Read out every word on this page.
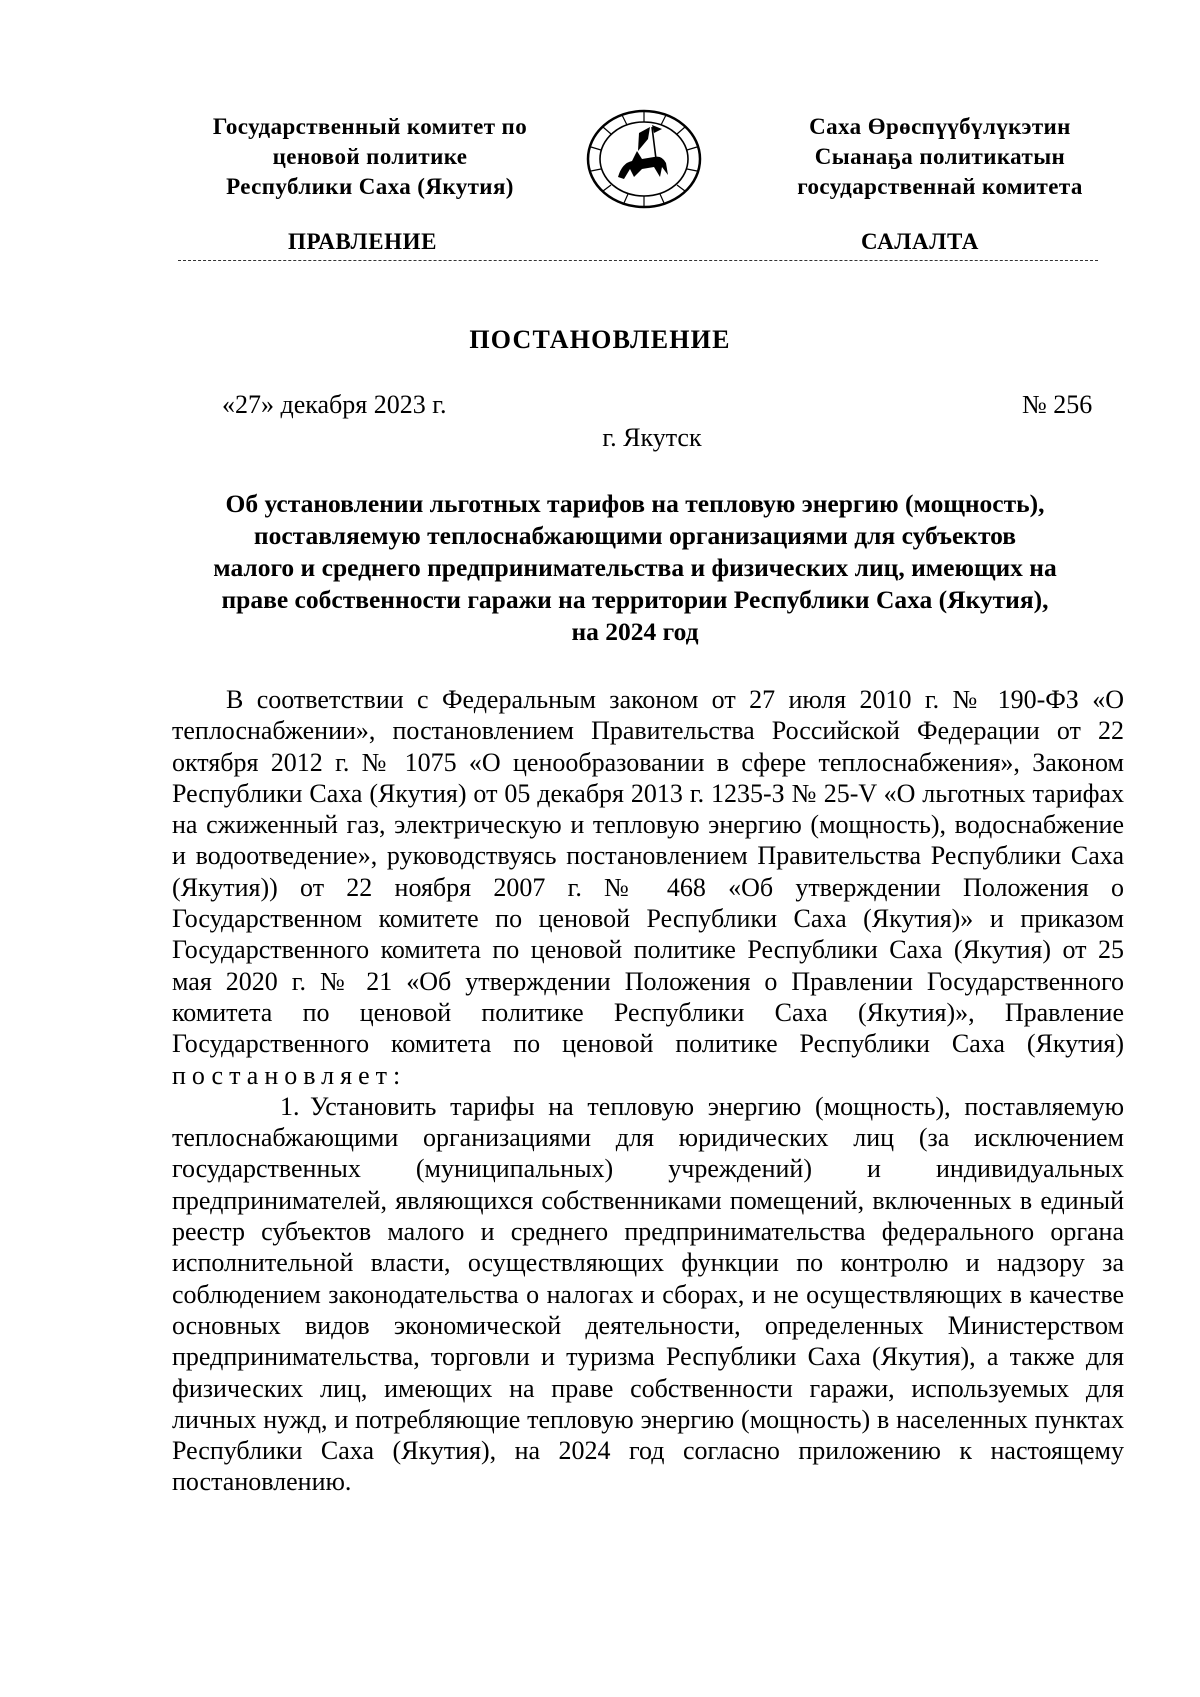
Государственный комитет по
ценовой политике
Республики Саха (Якутия)
Саха Өрөспүүбүлүкэтин
Сыанаҕа политикатын
государственнай комитета
ПРАВЛЕНИЕ	САЛАЛТА
ПОСТАНОВЛЕНИЕ
«27» декабря 2023 г.	№ 256
г. Якутск
Об установлении льготных тарифов на тепловую энергию (мощность),
поставляемую теплоснабжающими организациями для субъектов
малого и среднего предпринимательства и физических лиц, имеющих на
праве собственности гаражи на территории Республики Саха (Якутия),
на 2024 год

В соответствии с Федеральным законом от 27 июля 2010 г. № 190-ФЗ «О теплоснабжении», постановлением Правительства Российской Федерации от 22 октября 2012 г. № 1075 «О ценообразовании в сфере теплоснабжения», Законом Республики Саха (Якутия) от 05 декабря 2013 г. 1235-З № 25-V «О льготных тарифах на сжиженный газ, электрическую и тепловую энергию (мощность), водоснабжение и водоотведение», руководствуясь постановлением Правительства Республики Саха (Якутия)) от 22 ноября 2007 г. № 468 «Об утверждении Положения о Государственном комитете по ценовой Республики Саха (Якутия)» и приказом Государственного комитета по ценовой политике Республики Саха (Якутия) от 25 мая 2020 г. № 21 «Об утверждении Положения о Правлении Государственного комитета по ценовой политике Республики Саха (Якутия)», Правление Государственного комитета по ценовой политике Республики Саха (Якутия) постановляет:

1. Установить тарифы на тепловую энергию (мощность), поставляемую теплоснабжающими организациями для юридических лиц (за исключением государственных (муниципальных) учреждений) и индивидуальных предпринимателей, являющихся собственниками помещений, включенных в единый реестр субъектов малого и среднего предпринимательства федерального органа исполнительной власти, осуществляющих функции по контролю и надзору за соблюдением законодательства о налогах и сборах, и не осуществляющих в качестве основных видов экономической деятельности, определенных Министерством предпринимательства, торговли и туризма Республики Саха (Якутия), а также для физических лиц, имеющих на праве собственности гаражи, используемых для личных нужд, и потребляющие тепловую энергию (мощность) в населенных пунктах Республики Саха (Якутия), на 2024 год согласно приложению к настоящему постановлению.
